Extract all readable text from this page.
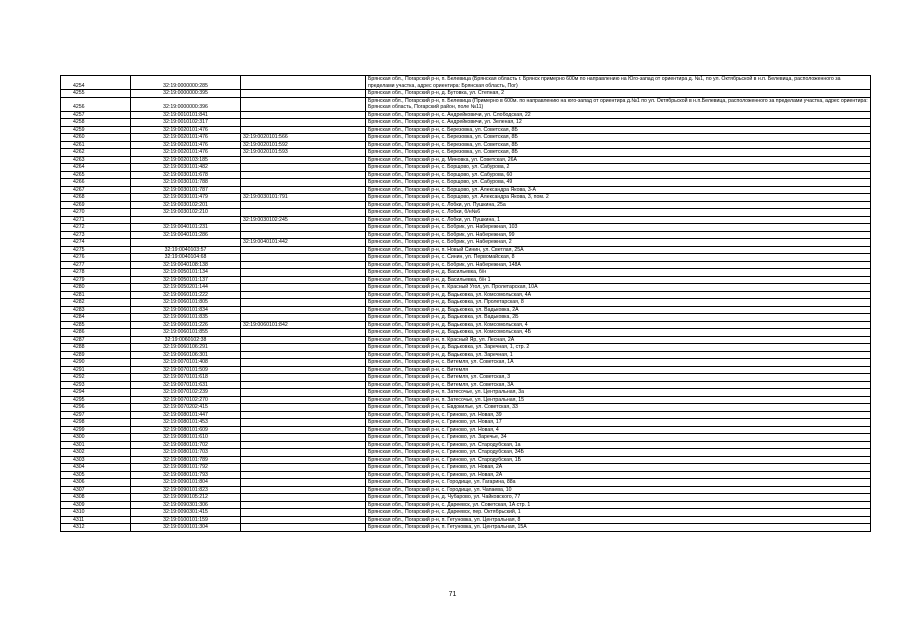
4254	32:19:0000000:285		Брянская обл., Погарский р-н, п. Белевица (Брянская область г. Брянск примерно 600м по направлению на Юго-запад от ориентира д. №1, по ул. Октябрьской в н.п. Белевица, расположенного за пределами участка, адрес ориентира: Брянская область, Пог)
4255	32:19:0000000:395		Брянская обл., Погарский р-н, д. Бутовка, ул. Степная, 2
4256	32:19:0000000:396		Брянская обл., Погарский р-н, п. Белевица (Примерно в 600м. по направлению на юго-запад от ориентира д.№1 по ул. Октябрьской в н.п.Белевица, расположенного за пределами участка, адрес ориентира: Брянская область, Погарский район, поле №11)
4257	32:19:0010101:841		Брянская обл., Погарский р-н, с. Андрейковичи, ул. Слободская, 22
4258	32:19:0010102:317		Брянская обл., Погарский р-н, с. Андрейковичи, ул. Зеленая, 12
4259	32:19:0020101:476		Брянская обл., Погарский р-н, с. Березовка, ул. Советская, 8Б
4260	32:19:0020101:476	32:19:0020101:566	Брянская обл., Погарский р-н, с. Березовка, ул. Советская, 8Б
4261	32:19:0020101:476	32:19:0020101:592	Брянская обл., Погарский р-н, с. Березовка, ул. Советская, 8Б
4262	32:19:0020101:476	32:19:0020101:593	Брянская обл., Погарский р-н, с. Березовка, ул. Советская, 8Б
4263	32:19:0020103:185		Брянская обл., Погарский р-н, д. Миновка, ул. Советская, 26А
4264	32:19:0030101:482		Брянская обл., Погарский р-н, с. Борщово, ул. Сабурова, 2
4265	32:19:0030101:678		Брянская обл., Погарский р-н, с. Борщово, ул. Сабурова, 60
4266	32:19:0030101:788		Брянская обл., Погарский р-н, с. Борщово, ул. Сабурова, 49
4267	32:19:0030101:787		Брянская обл., Погарский р-н, с. Борщово, ул. Александра Якова, 3-А
4268	32:19:0030101:479	32:19:0030101:791	Брянская обл., Погарский р-н, с. Борщово, ул. Александра Якова, 3, пом. 2
4269	32:19:0030102:201		Брянская обл., Погарский р-н, с. Лобки, ул. Пушкина, 25а
4270	32:19:0030102:210		Брянская обл., Погарский р-н, с. Лобки, б/н№6
4271		32:19:0030102:245	Брянская обл., Погарский р-н, с. Лобки, ул. Пушкина, 1
4272	32:19:0040101:231		Брянская обл., Погарский р-н, с. Бобрик, ул. Набережная, 103
4273	32:19:0040101:286		Брянская обл., Погарский р-н, с. Бобрик, ул. Набережная, 99
4274		32:19:0040101:442	Брянская обл., Погарский р-н, с. Бобрик, ул. Набережная, 2
4275	32:19:0040103:57		Брянская обл., Погарский р-н, п. Новый Синин, ул. Светлая, 25А
4276	32:19:0040104:68		Брянская обл., Погарский р-н, с. Синин, ул. Первомайская, 8
4277	32:19:0040108:138		Брянская обл., Погарский р-н, с. Бобрик, ул. Набережная, 148А
4278	32:19:0050101:134		Брянская обл., Погарский р-н, д. Васильевка, б/н
4279	32:19:0050101:137		Брянская обл., Погарский р-н, д. Васильевка, б/н 1
4280	32:19:0050201:144		Брянская обл., Погарский р-н, п. Красный Угол, ул. Пролетарская, 10А
4281	32:19:0060101:222		Брянская обл., Погарский р-н, д. Вадьковка, ул. Комсомольская, 4А
4282	32:19:0060101:805		Брянская обл., Погарский р-н, д. Вадьковка, ул. Пролетарская, 8
4283	32:19:0060101:834		Брянская обл., Погарский р-н, д. Вадьковка, ул. Вадьковка, 2А
4284	32:19:0060101:835		Брянская обл., Погарский р-н, д. Вадьковка, ул. Вадьковка, 2Б
4285	32:19:0060101:226	32:19:0060101:842	Брянская обл., Погарский р-н, д. Вадьковка, ул. Комсомольская, 4
4286	32:19:0060101:855		Брянская обл., Погарский р-н, д. Вадьковка, ул. Комсомольская, 4Б
4287	32:19:0060102:38		Брянская обл., Погарский р-н, п. Красный Яр, ул. Лесная, 2А
4288	32:19:0060106:291		Брянская обл., Погарский р-н, д. Вадьковка, ул. Заречная, 1, стр. 2
4289	32:19:0060106:301		Брянская обл., Погарский р-н, д. Вадьковка, ул. Заречная, 1
4290	32:19:0070101:408		Брянская обл., Погарский р-н, с. Витемля, ул. Советская, 1А
4291	32:19:0070101:509		Брянская обл., Погарский р-н, с. Витемля
4292	32:19:0070101:618		Брянская обл., Погарский р-н, с. Витемля, ул. Советская, 3
4293	32:19:0070101:631		Брянская обл., Погарский р-н, с. Витемля, ул. Советская, 3А
4294	32:19:0070102:239		Брянская обл., Погарский р-н, п. Затесочье, ул. Центральная, 3а
4295	32:19:0070102:270		Брянская обл., Погарский р-н, п. Затесочье, ул. Центральная, 15
4296	32:19:0070202:415		Брянская обл., Погарский р-н, с. Евдокилье, ул. Советская, 33
4297	32:19:0080101:447		Брянская обл., Погарский р-н, с. Гриново, ул. Новая, 39
4298	32:19:0080101:453		Брянская обл., Погарский р-н, с. Гриново, ул. Новая, 17
4299	32:19:0080101:609		Брянская обл., Погарский р-н, с. Гриново, ул. Новая, 4
4300	32:19:0080101:610		Брянская обл., Погарский р-н, с. Гриново, ул. Заречье, 34
4301	32:19:0080101:702		Брянская обл., Погарский р-н, с. Гриново, ул. Стародубская, 1а
4302	32:19:0080101:703		Брянская обл., Погарский р-н, с. Гриново, ул. Стародубская, 34Б
4303	32:19:0080101:789		Брянская обл., Погарский р-н, с. Гриново, ул. Стародубская, 1Б
4304	32:19:0080101:792		Брянская обл., Погарский р-н, с. Гриново, ул. Новая, 2А
4305	32:19:0080101:793		Брянская обл., Погарский р-н, с. Гриново, ул. Новая, 2А
4306	32:19:0090101:804		Брянская обл., Погарский р-н, с. Городище, ул. Гагарина, 88а
4307	32:19:0090101:823		Брянская обл., Погарский р-н, с. Городище, ул. Чапаева, 10
4308	32:19:0090105:212		Брянская обл., Погарский р-н, д. Чубарово, ул. Чайковского, 77
4309	32:19:0090301:306		Брянская обл., Погарский р-н, с. Дареевск, ул. Советская, 1А стр. 1
4310	32:19:0090301:415		Брянская обл., Погарский р-н, с. Дареевск, пер. Октябрьский, 1
4311	32:19:0100101:159		Брянская обл., Погарский р-н, п. Гетуновка, ул. Центральная, 8
4312	32:19:0100101:304		Брянская обл., Погарский р-н, п. Гетуновка, ул. Центральная, 15А
71
